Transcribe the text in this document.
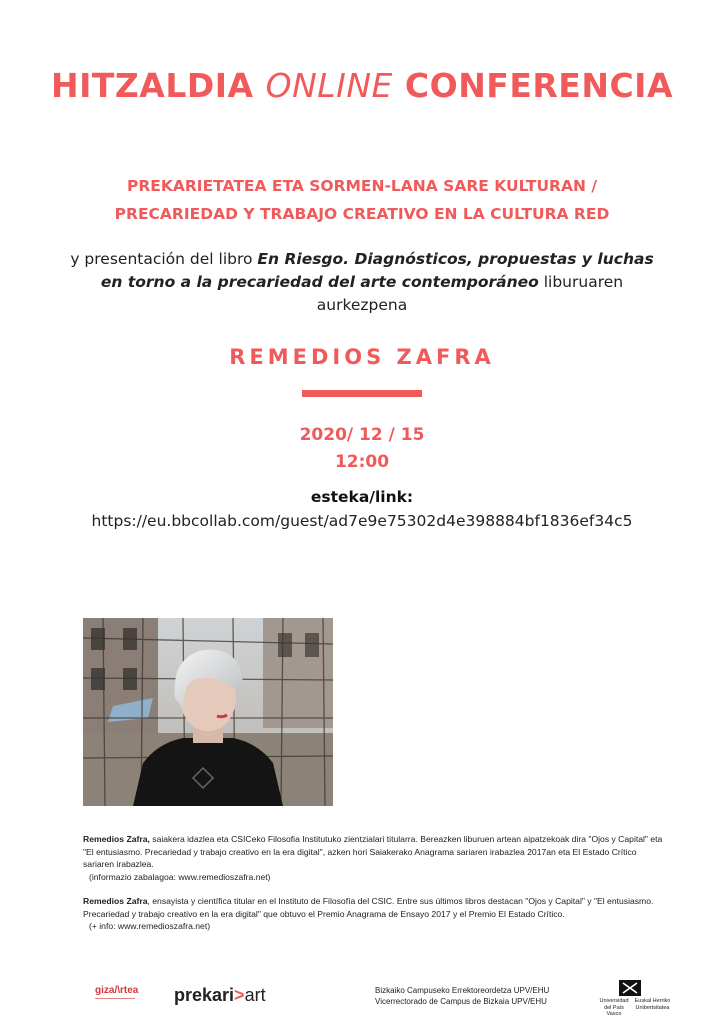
HITZALDIA ONLINE CONFERENCIA
PREKARIETATEA ETA SORMEN-LANA SARE KULTURAN /
PRECARIEDAD Y TRABAJO CREATIVO EN LA CULTURA RED
y presentación del libro En Riesgo. Diagnósticos, propuestas y luchas
en torno a la precariedad del arte contemporáneo liburuaren
aurkezpena
REMEDIOS ZAFRA
2020/ 12 / 15
12:00
esteka/link:
https://eu.bbcollab.com/guest/ad7e9e75302d4e398884bf1836ef34c5
Remedios Zafra, saiakera idazlea eta CSICeko Filosofia Institutuko zientzialari titularra. Bereazken liburuen artean aipatzekoak dira "Ojos y Capital" eta "El entusiasmo. Precariedad y trabajo creativo en la era digital", azken hori Saiakerako Anagrama sariaren irabazlea 2017an eta El Estado Crítico sariaren irabazlea.
(informazio zabalagoa: www.remedioszafra.net)
Remedios Zafra, ensayista y científica titular en el Instituto de Filosofía del CSIC. Entre sus últimos libros destacan "Ojos y Capital" y "El entusiasmo. Precariedad y trabajo creativo en la era digital" que obtuvo el Premio Anagrama de Ensayo 2017 y el Premio El Estado Crítico.
(+ info: www.remedioszafra.net)
giza/\rtea prekari>art	Bizkaiko Campuseko Errektoreordetza UPV/EHU
Vicerrectorado de Campus de Bizkaia UPV/EHU	Universidad
del País Vasco
Euskal Herriko
Unibertsitatea
